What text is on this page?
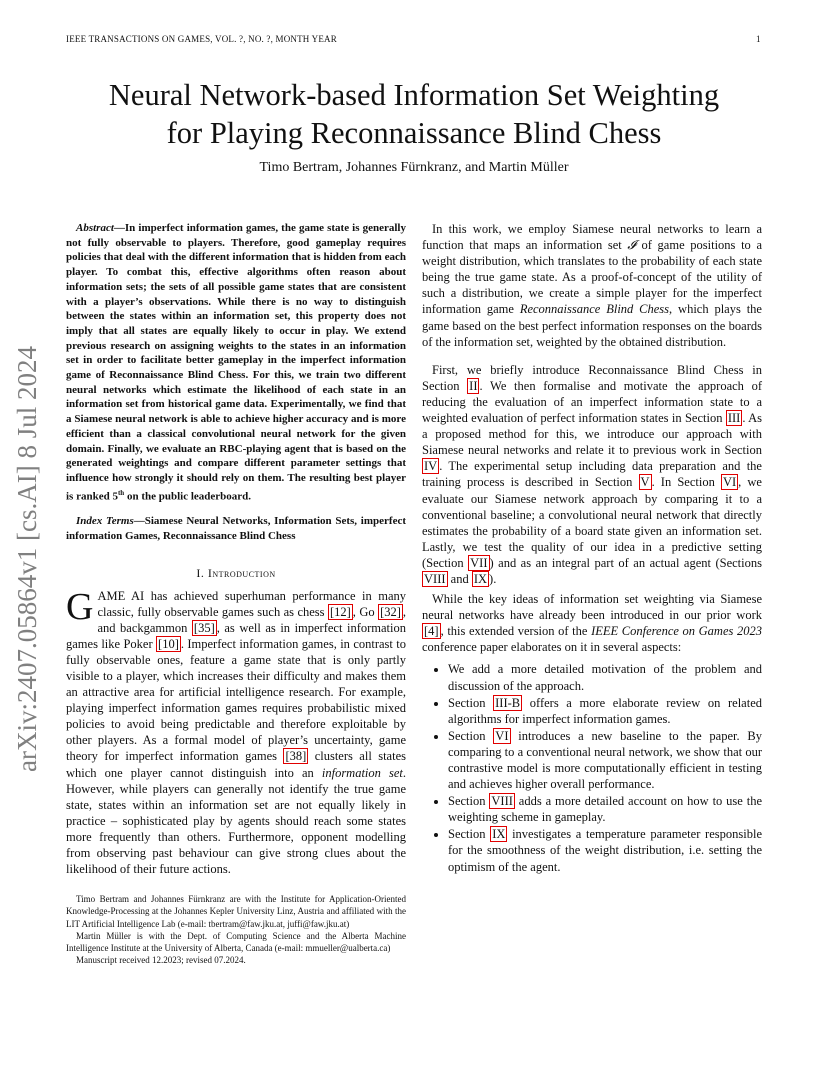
IEEE TRANSACTIONS ON GAMES, VOL. ?, NO. ?, MONTH YEAR	1
arXiv:2407.05864v1 [cs.AI] 8 Jul 2024
Neural Network-based Information Set Weighting
for Playing Reconnaissance Blind Chess
Timo Bertram, Johannes Fürnkranz, and Martin Müller

Abstract—In imperfect information games, the game state is generally not fully observable to players. Therefore, good gameplay requires policies that deal with the different information that is hidden from each player. To combat this, effective algorithms often reason about information sets; the sets of all possible game states that are consistent with a player’s observations. While there is no way to distinguish between the states within an information set, this property does not imply that all states are equally likely to occur in play. We extend previous research on assigning weights to the states in an information set in order to facilitate better gameplay in the imperfect information game of Reconnaissance Blind Chess. For this, we train two different neural networks which estimate the likelihood of each state in an information set from historical game data. Experimentally, we find that a Siamese neural network is able to achieve higher accuracy and is more efficient than a classical convolutional neural network for the given domain. Finally, we evaluate an RBC-playing agent that is based on the generated weightings and compare different parameter settings that influence how strongly it should rely on them. The resulting best player is ranked 5th on the public leaderboard.

Index Terms—Siamese Neural Networks, Information Sets, imperfect information Games, Reconnaissance Blind Chess

I. Introduction

GAME AI has achieved superhuman performance in many classic, fully observable games such as chess [12] , Go [32] , and backgammon [35] , as well as in imperfect information games like Poker [10] . Imperfect information games, in contrast to fully observable ones, feature a game state that is only partly visible to a player, which increases their difficulty and makes them an attractive area for artificial intelligence research. For example, playing imperfect information games requires probabilistic mixed policies to avoid being predictable and therefore exploitable by other players. As a formal model of player’s uncertainty, game theory for imperfect information games [38] clusters all states which one player cannot distinguish into an information set. However, while players can generally not identify the true game state, states within an information set are not equally likely in practice – sophisticated play by agents should reach some states more frequently than others. Furthermore, opponent modelling from observing past behaviour can give strong clues about the likelihood of their future actions.

Timo Bertram and Johannes Fürnkranz are with the Institute for Application-Oriented Knowledge-Processing at the Johannes Kepler University Linz, Austria and affiliated with the LIT Artificial Intelligence Lab (e-mail: tbertram@faw.jku.at, juffi@faw.jku.at)

Martin Müller is with the Dept. of Computing Science and the Alberta Machine Intelligence Institute at the University of Alberta, Canada (e-mail: mmueller@ualberta.ca)

Manuscript received 12.2023; revised 07.2024.

In this work, we employ Siamese neural networks to learn a function that maps an information set 𝓘 of game positions to a weight distribution, which translates to the probability of each state being the true game state. As a proof-of-concept of the utility of such a distribution, we create a simple player for the imperfect information game Reconnaissance Blind Chess, which plays the game based on the best perfect information responses on the boards of the information set, weighted by the obtained distribution.

First, we briefly introduce Reconnaissance Blind Chess in Section II . We then formalise and motivate the approach of reducing the evaluation of an imperfect information state to a weighted evaluation of perfect information states in Section III . As a proposed method for this, we introduce our approach with Siamese neural networks and relate it to previous work in Section IV . The experimental setup including data preparation and the training process is described in Section V . In Section VI , we evaluate our Siamese network approach by comparing it to a conventional baseline; a convolutional neural network that directly estimates the probability of a board state given an information set. Lastly, we test the quality of our idea in a predictive setting (Section VII ) and as an integral part of an actual agent (Sections VIII and IX ).

While the key ideas of information set weighting via Siamese neural networks have already been introduced in our prior work [4] , this extended version of the IEEE Conference on Games 2023 conference paper elaborates on it in several aspects:

• We add a more detailed motivation of the problem and discussion of the approach.
• Section III-B offers a more elaborate review on related algorithms for imperfect information games.
• Section VI introduces a new baseline to the paper. By comparing to a conventional neural network, we show that our contrastive model is more computationally efficient in testing and achieves higher overall performance.
• Section VIII adds a more detailed account on how to use the weighting scheme in gameplay.
• Section IX investigates a temperature parameter responsible for the smoothness of the weight distribution, i.e. setting the optimism of the agent.
